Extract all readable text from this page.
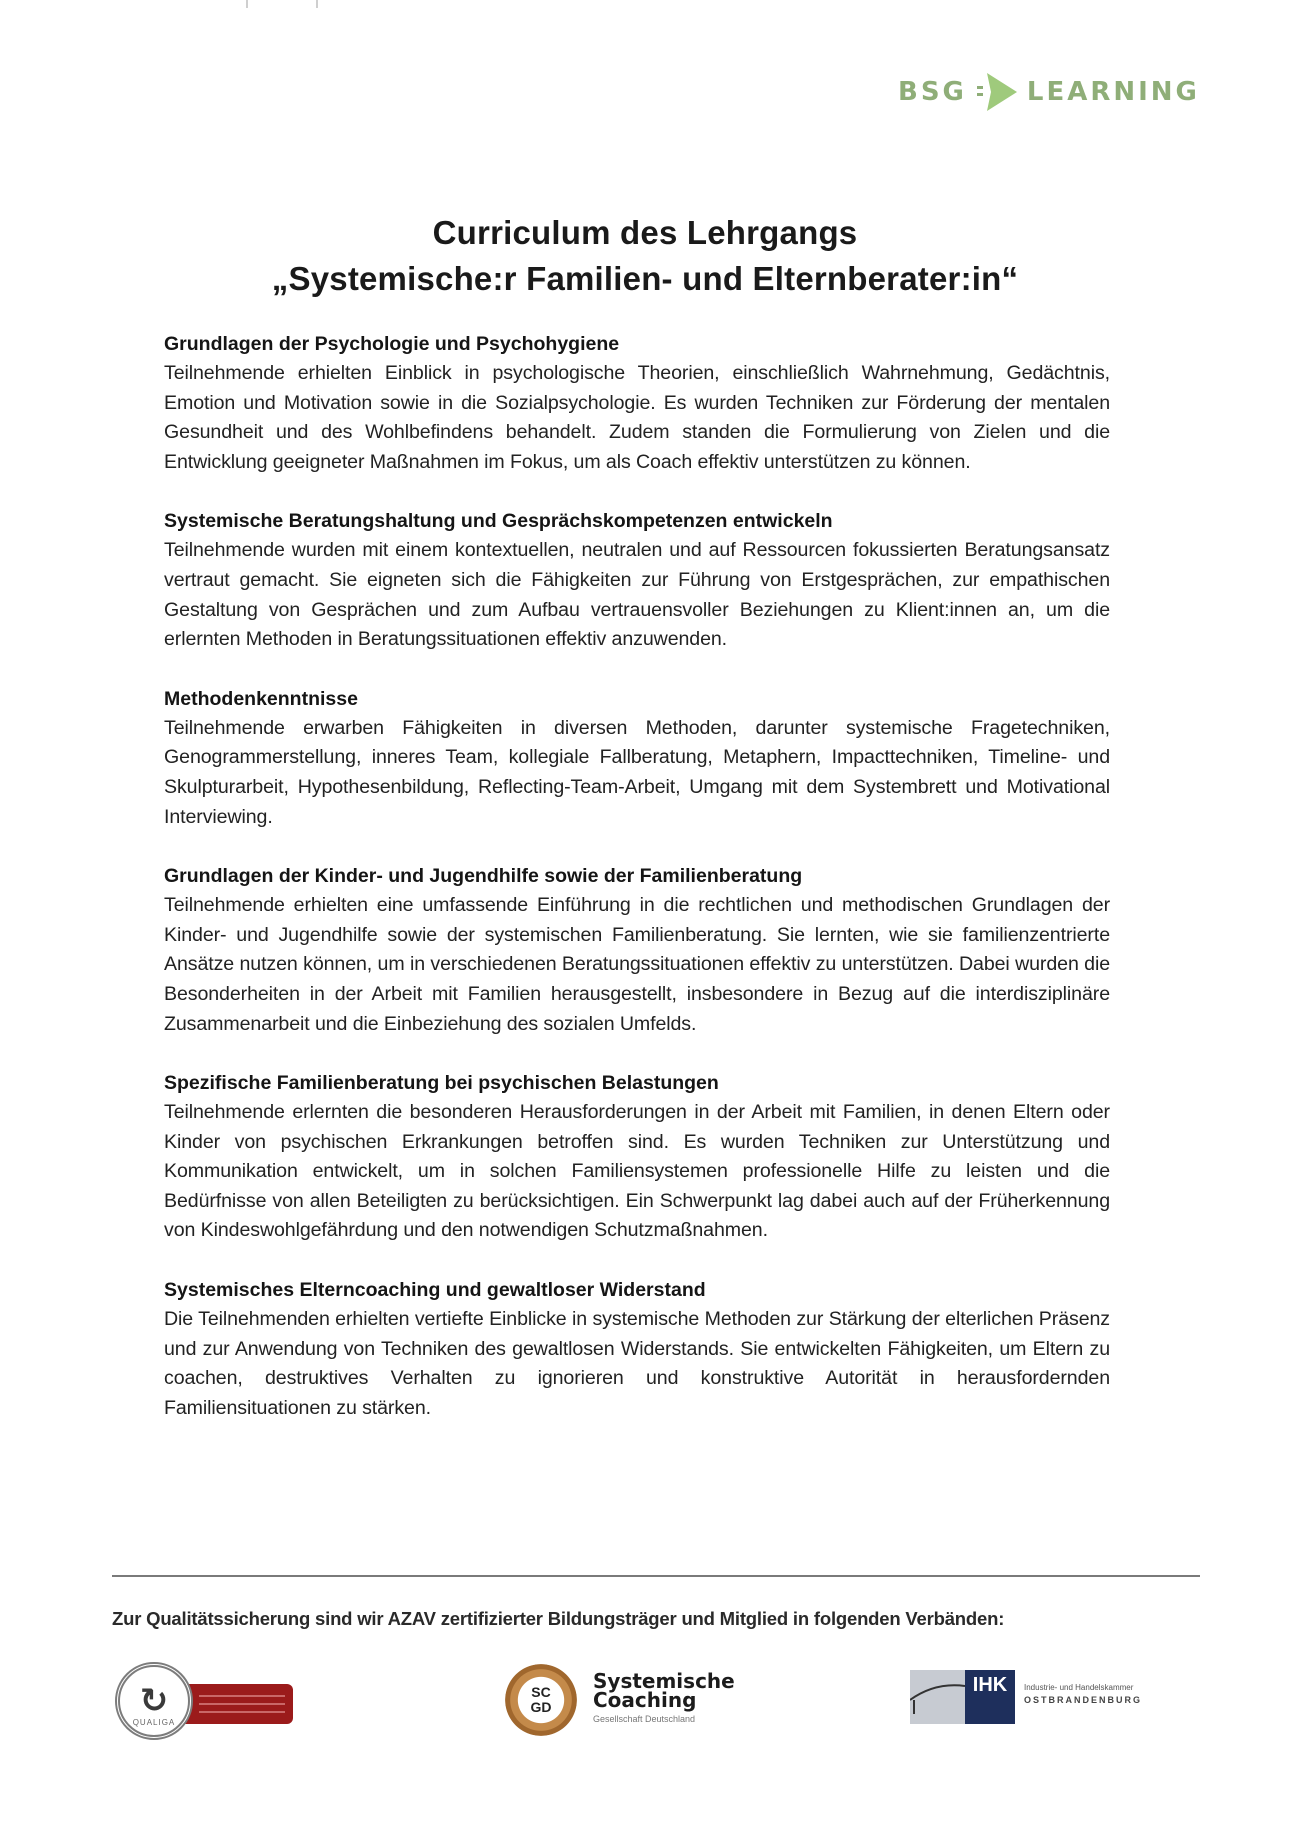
BSG LEARNING
Curriculum des Lehrgangs
„Systemische:r Familien- und Elternberater:in“
Grundlagen der Psychologie und Psychohygiene

Teilnehmende erhielten Einblick in psychologische Theorien, einschließlich Wahrnehmung, Gedächtnis, Emotion und Motivation sowie in die Sozialpsychologie. Es wurden Techniken zur Förderung der mentalen Gesundheit und des Wohlbefindens behandelt. Zudem standen die Formulierung von Zielen und die Entwicklung geeigneter Maßnahmen im Fokus, um als Coach effektiv unterstützen zu können.

Systemische Beratungshaltung und Gesprächskompetenzen entwickeln

Teilnehmende wurden mit einem kontextuellen, neutralen und auf Ressourcen fokussierten Beratungsansatz vertraut gemacht. Sie eigneten sich die Fähigkeiten zur Führung von Erstgesprächen, zur empathischen Gestaltung von Gesprächen und zum Aufbau vertrauensvoller Beziehungen zu Klient:innen an, um die erlernten Methoden in Beratungssituationen effektiv anzuwenden.

Methodenkenntnisse

Teilnehmende erwarben Fähigkeiten in diversen Methoden, darunter systemische Fragetechniken, Genogrammerstellung, inneres Team, kollegiale Fallberatung, Metaphern, Impacttechniken, Timeline- und Skulpturarbeit, Hypothesenbildung, Reflecting-Team-Arbeit, Umgang mit dem Systembrett und Motivational Interviewing.

Grundlagen der Kinder- und Jugendhilfe sowie der Familienberatung

Teilnehmende erhielten eine umfassende Einführung in die rechtlichen und methodischen Grundlagen der Kinder- und Jugendhilfe sowie der systemischen Familienberatung. Sie lernten, wie sie familienzentrierte Ansätze nutzen können, um in verschiedenen Beratungssituationen effektiv zu unterstützen. Dabei wurden die Besonderheiten in der Arbeit mit Familien herausgestellt, insbesondere in Bezug auf die interdisziplinäre Zusammenarbeit und die Einbeziehung des sozialen Umfelds.

Spezifische Familienberatung bei psychischen Belastungen

Teilnehmende erlernten die besonderen Herausforderungen in der Arbeit mit Familien, in denen Eltern oder Kinder von psychischen Erkrankungen betroffen sind. Es wurden Techniken zur Unterstützung und Kommunikation entwickelt, um in solchen Familiensystemen professionelle Hilfe zu leisten und die Bedürfnisse von allen Beteiligten zu berücksichtigen. Ein Schwerpunkt lag dabei auch auf der Früherkennung von Kindeswohlgefährdung und den notwendigen Schutzmaßnahmen.

Systemisches Elterncoaching und gewaltloser Widerstand

Die Teilnehmenden erhielten vertiefte Einblicke in systemische Methoden zur Stärkung der elterlichen Präsenz und zur Anwendung von Techniken des gewaltlosen Widerstands. Sie entwickelten Fähigkeiten, um Eltern zu coachen, destruktives Verhalten zu ignorieren und konstruktive Autorität in herausfordernden Familiensituationen zu stärken.

Zur Qualitätssicherung sind wir AZAV zertifizierter Bildungsträger und Mitglied in folgenden Verbänden:
↻
QUALIGA
SC
GD
Systemische
Coaching
Gesellschaft Deutschland
IHK	Industrie- und Handelskammer
OSTBRANDENBURG
